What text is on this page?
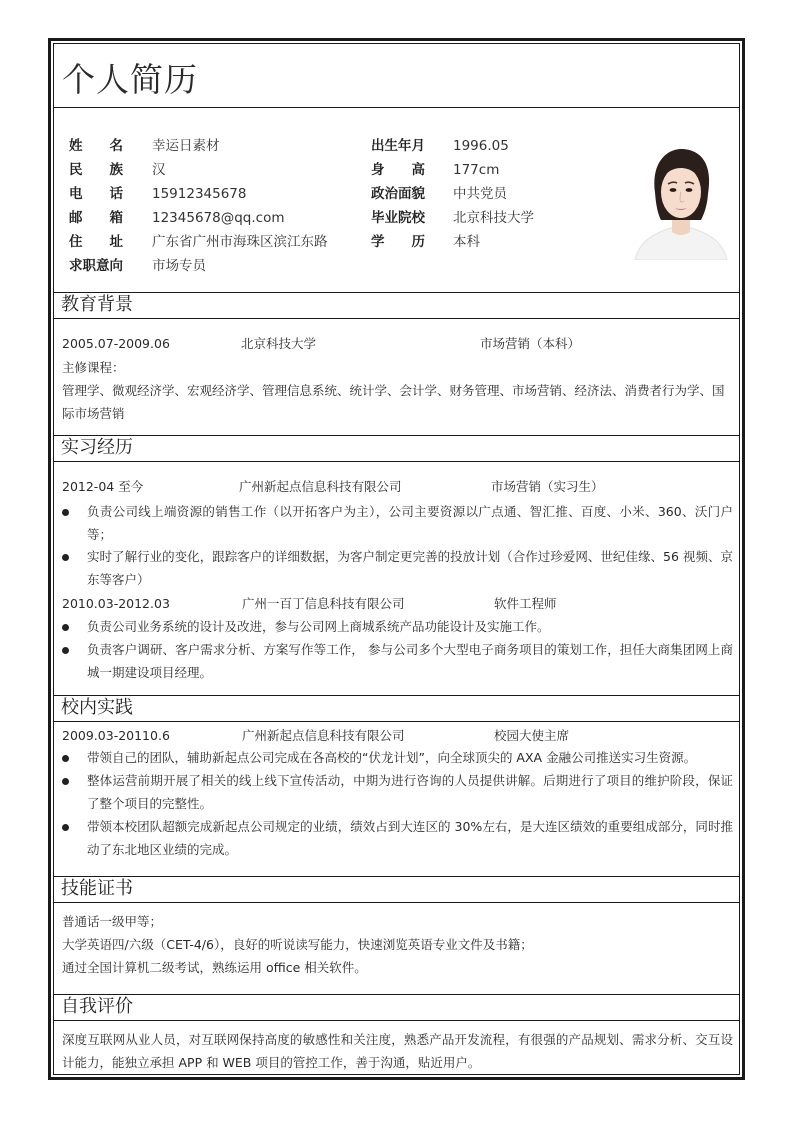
个人简历
姓　　名 幸运日素材	出生年月 1996.05
民　　族 汉	身　　高 177cm
电　　话 15912345678	政治面貌 中共党员
邮　　箱 12345678@qq.com	毕业院校 北京科技大学
住　　址 广东省广州市海珠区滨江东路	学　　历 本科
求职意向 市场专员
教育背景
2005.07-2009.06	北京科技大学	市场营销（本科）
主修课程：
管理学、微观经济学、宏观经济学、管理信息系统、统计学、会计学、财务管理、市场营销、经济法、消费者行为学、国际市场营销
实习经历
2012-04 至今	广州新起点信息科技有限公司	市场营销（实习生）
负责公司线上端资源的销售工作（以开拓客户为主），公司主要资源以广点通、智汇推、百度、小米、360、沃门户等；
实时了解行业的变化，跟踪客户的详细数据，为客户制定更完善的投放计划（合作过珍爱网、世纪佳缘、56 视频、京东等客户）
2010.03-2012.03	广州一百丁信息科技有限公司	软件工程师
负责公司业务系统的设计及改进，参与公司网上商城系统产品功能设计及实施工作。
负责客户调研、客户需求分析、方案写作等工作， 参与公司多个大型电子商务项目的策划工作，担任大商集团网上商城一期建设项目经理。
校内实践
2009.03-20110.6	广州新起点信息科技有限公司	校园大使主席
带领自己的团队，辅助新起点公司完成在各高校的“伏龙计划”，向全球顶尖的 AXA 金融公司推送实习生资源。
整体运营前期开展了相关的线上线下宣传活动，中期为进行咨询的人员提供讲解。后期进行了项目的维护阶段，保证了整个项目的完整性。
带领本校团队超额完成新起点公司规定的业绩，绩效占到大连区的 30%左右，是大连区绩效的重要组成部分，同时推动了东北地区业绩的完成。
技能证书
普通话一级甲等；
大学英语四/六级（CET-4/6），良好的听说读写能力，快速浏览英语专业文件及书籍；
通过全国计算机二级考试，熟练运用 office 相关软件。
自我评价
深度互联网从业人员，对互联网保持高度的敏感性和关注度，熟悉产品开发流程，有很强的产品规划、需求分析、交互设计能力，能独立承担 APP 和 WEB 项目的管控工作，善于沟通，贴近用户。
